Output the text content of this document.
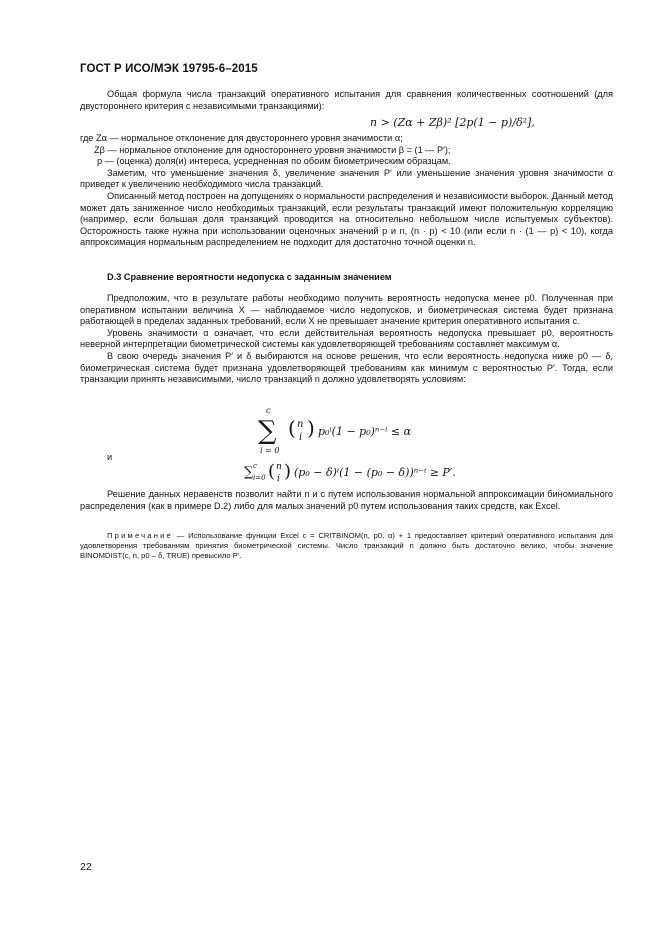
ГОСТ Р ИСО/МЭК 19795-6–2015

Общая формула числа транзакций оперативного испытания для сравнения количественных соотношений (для двустороннего критерия с независимыми транзакциями):

n > (Zα + Zβ)² [2p(1 − p)/δ²],

где Zα — нормальное отклонение для двустороннего уровня значимости α;

Zβ — нормальное отклонение для одностороннего уровня значимости β = (1 — P′);

p — (оценка) доля(и) интереса, усредненная по обоим биометрическим образцам.

Заметим, что уменьшение значения δ, увеличение значения P′ или уменьшение значения уровня значимости α приведет к увеличению необходимого числа транзакций.

Описанный метод построен на допущениях о нормальности распределения и независимости выборок. Данный метод может дать заниженное число необходимых транзакций, если результаты транзакций имеют положительную корреляцию (например, если большая доля транзакций проводится на относительно небольшом числе испытуемых субъектов). Осторожность также нужна при использовании оценочных значений p и n, (n · p) < 10 (или если n · (1 — p) < 10), когда аппроксимация нормальным распределением не подходит для достаточно точной оценки n.

D.3 Сравнение вероятности недопуска с заданным значением

Предположим, что в результате работы необходимо получить вероятность недопуска менее p0. Полученная при оперативном испытании величина X — наблюдаемое число недопусков, и биометрическая система будет признана работающей в пределах заданных требований, если X не превышает значение критерия оперативного испытания c.

Уровень значимости α означает, что если действительная вероятность недопуска превышает p0, вероятность неверной интерпретации биометрической системы как удовлетворяющей требованиям составляет максимум α.

В свою очередь значения P′ и δ выбираются на основе решения, что если вероятность недопуска ниже p0 — δ, биометрическая система будет признана удовлетворяющей требованиям как минимум с вероятностью P′. Тогда, если транзакции принять независимыми, число транзакций n должно удовлетворять условиям:

c
∑
i = 0
( n
i ) p₀ⁱ(1 − p₀)ⁿ⁻ⁱ ≤ α

и

∑ c
i=0 ( n
i ) (p₀ − δ)ⁱ(1 − (p₀ − δ))ⁿ⁻ⁱ ≥ P′.

Решение данных неравенств позволит найти n и c путем использования нормальной аппроксимации биномиального распределения (как в примере D.2) либо для малых значений p0 путем использования таких средств, как Excel.

Примечание — Использование функции Excel c = CRITBINOM(n, p0, α) + 1 предоставляет критерий оперативного испытания для удовлетворения требованиям принятия биометрической системы. Число транзакций n должно быть достаточно велико, чтобы значение BINOMDIST(c, n, p0 – δ, TRUE) превысило P′.

22
